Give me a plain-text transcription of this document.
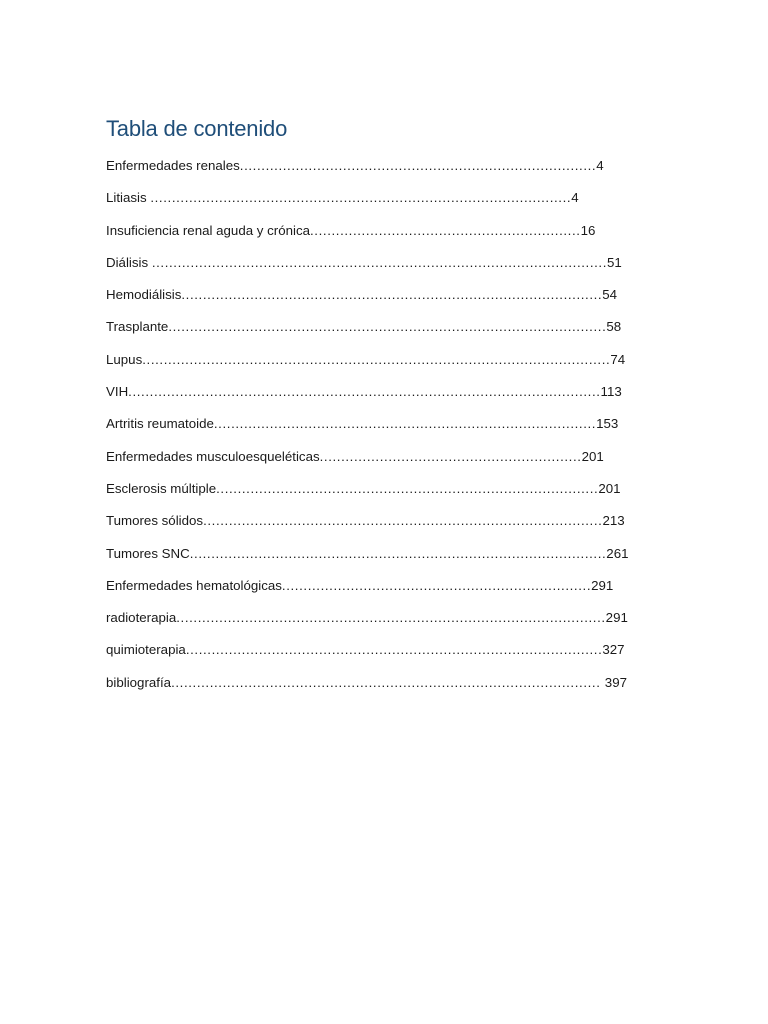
Tabla de contenido
Enfermedades renales...................................................................................4
Litiasis ..................................................................................................4
Insuficiencia renal aguda y crónica...............................................................16
Diálisis ..........................................................................................................51
Hemodiálisis..................................................................................................54
Trasplante......................................................................................................58
Lupus.............................................................................................................74
VIH..............................................................................................................113
Artritis reumatoide.........................................................................................153
Enfermedades musculoesqueléticas.............................................................201
Esclerosis múltiple.........................................................................................201
Tumores sólidos.............................................................................................213
Tumores SNC.................................................................................................261
Enfermedades hematológicas........................................................................291
radioterapia....................................................................................................291
quimioterapia.................................................................................................327
bibliografía.................................................................................................... 397
